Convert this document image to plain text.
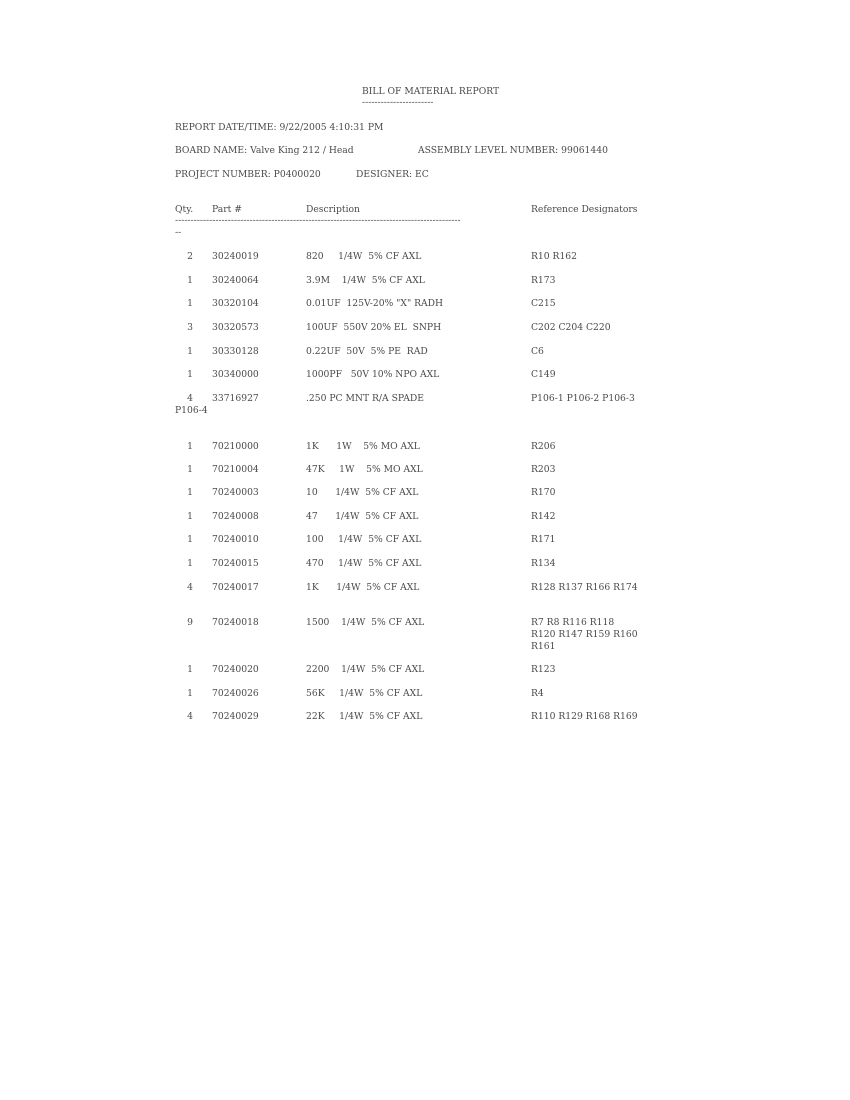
BILL OF MATERIAL REPORT
-----------------------
REPORT DATE/TIME: 9/22/2005 4:10:31 PM
BOARD NAME: Valve King 212 / Head	ASSEMBLY LEVEL NUMBER: 99061440
PROJECT NUMBER: P0400020	DESIGNER: EC
Qty. Part #	Description	Reference Designators
--------------------------------------------------------------------------------------------
--
2 30240019	820     1/4W  5% CF AXL	R10 R162
1 30240064	3.9M    1/4W  5% CF AXL	R173
1 30320104	0.01UF  125V-20% "X" RADH	C215
3 30320573	100UF  550V 20% EL  SNPH	C202 C204 C220
1 30330128	0.22UF  50V  5% PE  RAD	C6
1 30340000	1000PF   50V 10% NPO AXL	C149
4 33716927	.250 PC MNT R/A SPADE	P106-1 P106-2 P106-3
P106-4
1 70210000	1K      1W    5% MO AXL	R206
1 70210004	47K     1W    5% MO AXL	R203
1 70240003	10      1/4W  5% CF AXL	R170
1 70240008	47      1/4W  5% CF AXL	R142
1 70240010	100     1/4W  5% CF AXL	R171
1 70240015	470     1/4W  5% CF AXL	R134
4 70240017	1K      1/4W  5% CF AXL	R128 R137 R166 R174
9 70240018	1500    1/4W  5% CF AXL	R7 R8 R116 R118
R120 R147 R159 R160
R161
1 70240020	2200    1/4W  5% CF AXL	R123
1 70240026	56K     1/4W  5% CF AXL	R4
4 70240029	22K     1/4W  5% CF AXL	R110 R129 R168 R169
